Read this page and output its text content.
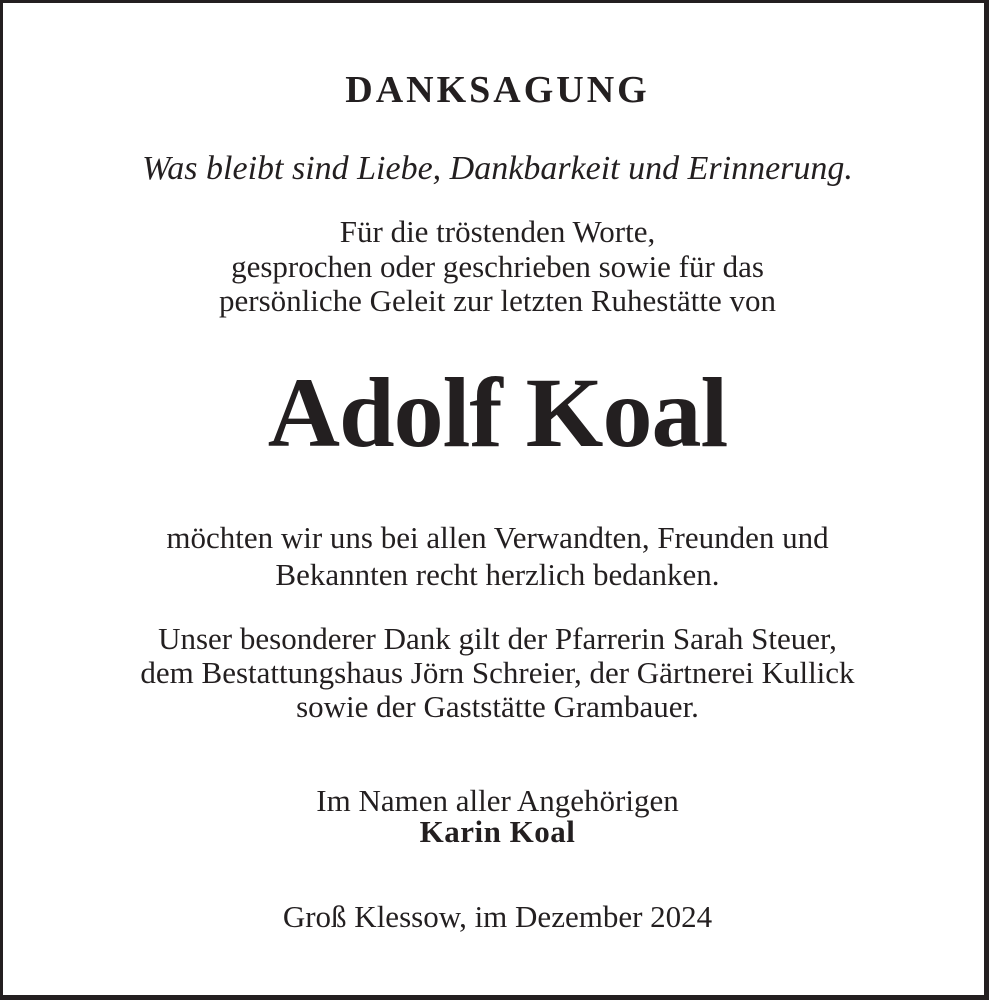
DANKSAGUNG

Was bleibt sind Liebe, Dankbarkeit und Erinnerung.

Für die tröstenden Worte,

gesprochen oder geschrieben sowie für das

persönliche Geleit zur letzten Ruhestätte von

Adolf Koal

möchten wir uns bei allen Verwandten, Freunden und

Bekannten recht herzlich bedanken.

Unser besonderer Dank gilt der Pfarrerin Sarah Steuer,

dem Bestattungshaus Jörn Schreier, der Gärtnerei Kullick

sowie der Gaststätte Grambauer.

Im Namen aller Angehörigen

Karin Koal

Groß Klessow, im Dezember 2024
